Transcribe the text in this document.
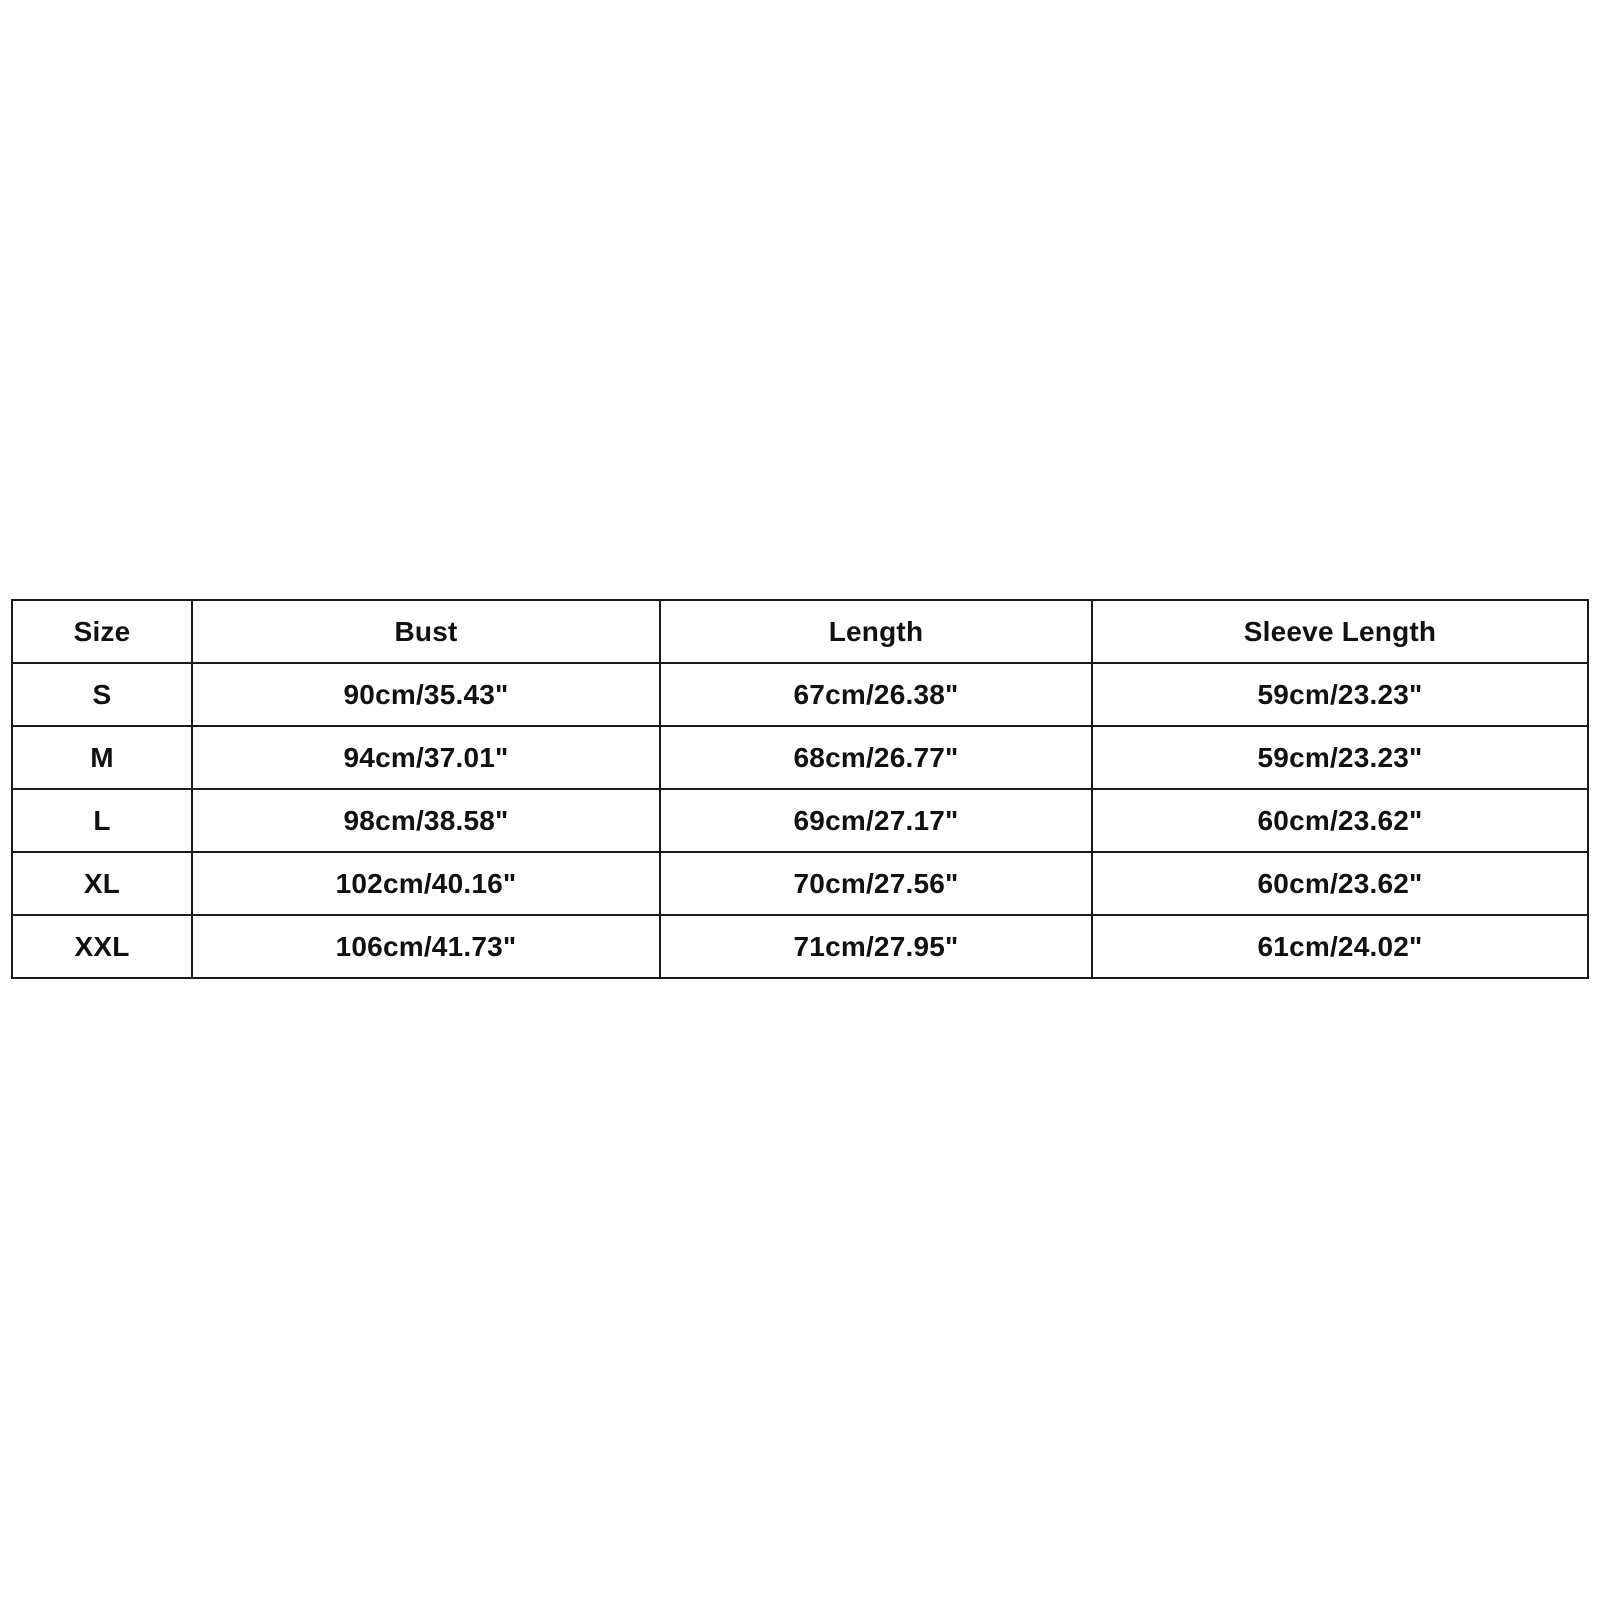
Size	Bust	Length	Sleeve Length
S	90cm/35.43"	67cm/26.38"	59cm/23.23"
M	94cm/37.01"	68cm/26.77"	59cm/23.23"
L	98cm/38.58"	69cm/27.17"	60cm/23.62"
XL	102cm/40.16"	70cm/27.56"	60cm/23.62"
XXL	106cm/41.73"	71cm/27.95"	61cm/24.02"
